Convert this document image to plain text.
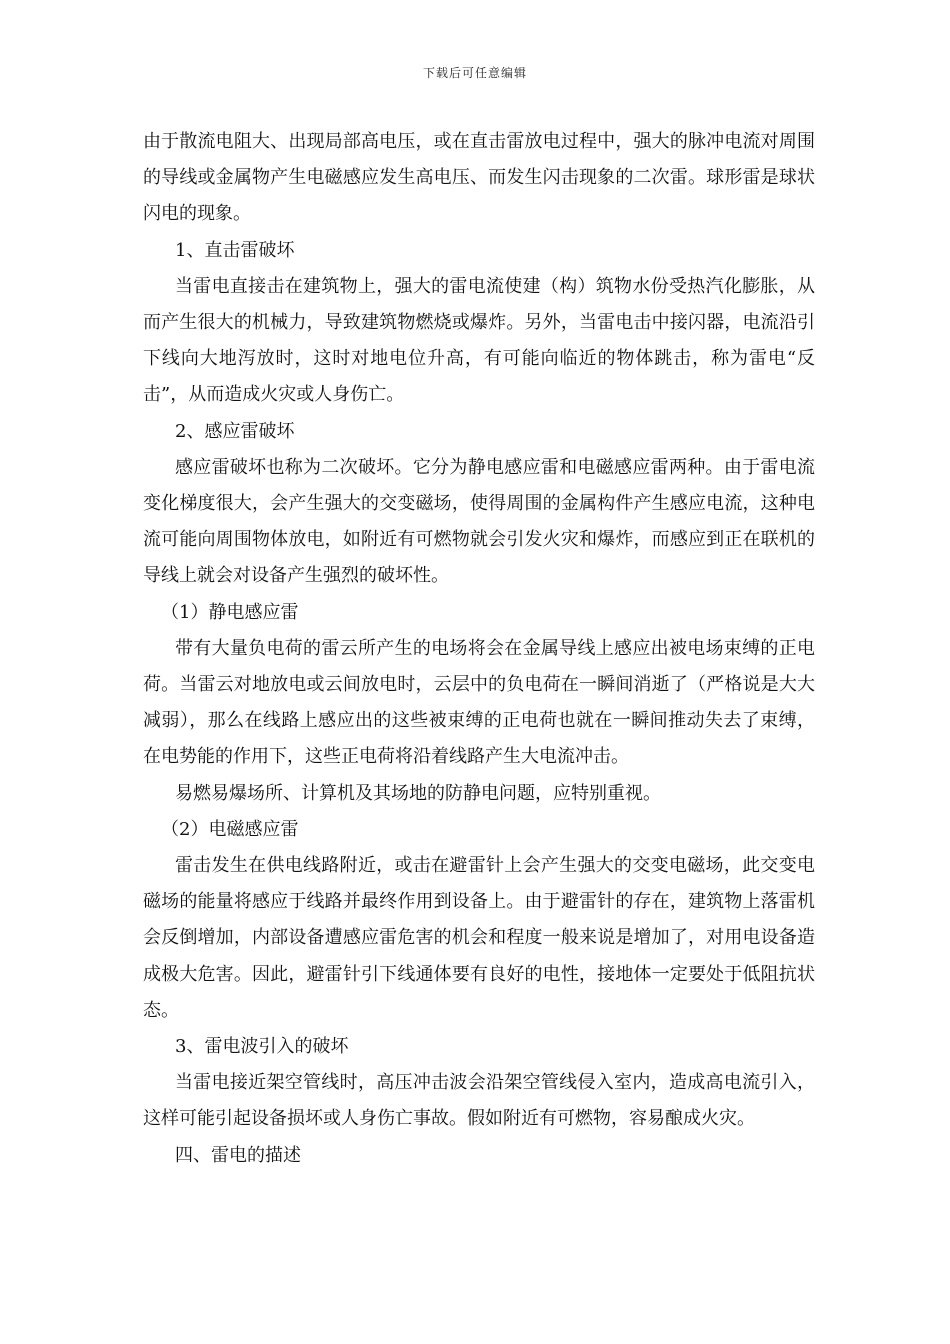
下载后可任意编辑

由于散流电阻大、出现局部高电压，或在直击雷放电过程中，强大的脉冲电流对周围的导线或金属物产生电磁感应发生高电压、而发生闪击现象的二次雷。球形雷是球状闪电的现象。

1、直击雷破坏

当雷电直接击在建筑物上，强大的雷电流使建（构）筑物水份受热汽化膨胀，从而产生很大的机械力，导致建筑物燃烧或爆炸。另外，当雷电击中接闪器，电流沿引下线向大地泻放时，这时对地电位升高，有可能向临近的物体跳击，称为雷电“反击”，从而造成火灾或人身伤亡。

2、感应雷破坏

感应雷破坏也称为二次破坏。它分为静电感应雷和电磁感应雷两种。由于雷电流变化梯度很大，会产生强大的交变磁场，使得周围的金属构件产生感应电流，这种电流可能向周围物体放电，如附近有可燃物就会引发火灾和爆炸，而感应到正在联机的导线上就会对设备产生强烈的破坏性。

（1）静电感应雷

带有大量负电荷的雷云所产生的电场将会在金属导线上感应出被电场束缚的正电荷。当雷云对地放电或云间放电时，云层中的负电荷在一瞬间消逝了（严格说是大大减弱），那么在线路上感应出的这些被束缚的正电荷也就在一瞬间推动失去了束缚，在电势能的作用下，这些正电荷将沿着线路产生大电流冲击。

易燃易爆场所、计算机及其场地的防静电问题，应特别重视。

（2）电磁感应雷

雷击发生在供电线路附近，或击在避雷针上会产生强大的交变电磁场，此交变电磁场的能量将感应于线路并最终作用到设备上。由于避雷针的存在，建筑物上落雷机会反倒增加，内部设备遭感应雷危害的机会和程度一般来说是增加了，对用电设备造成极大危害。因此，避雷针引下线通体要有良好的电性，接地体一定要处于低阻抗状态。

3、雷电波引入的破坏

当雷电接近架空管线时，高压冲击波会沿架空管线侵入室内，造成高电流引入，这样可能引起设备损坏或人身伤亡事故。假如附近有可燃物，容易酿成火灾。

四、雷电的描述
